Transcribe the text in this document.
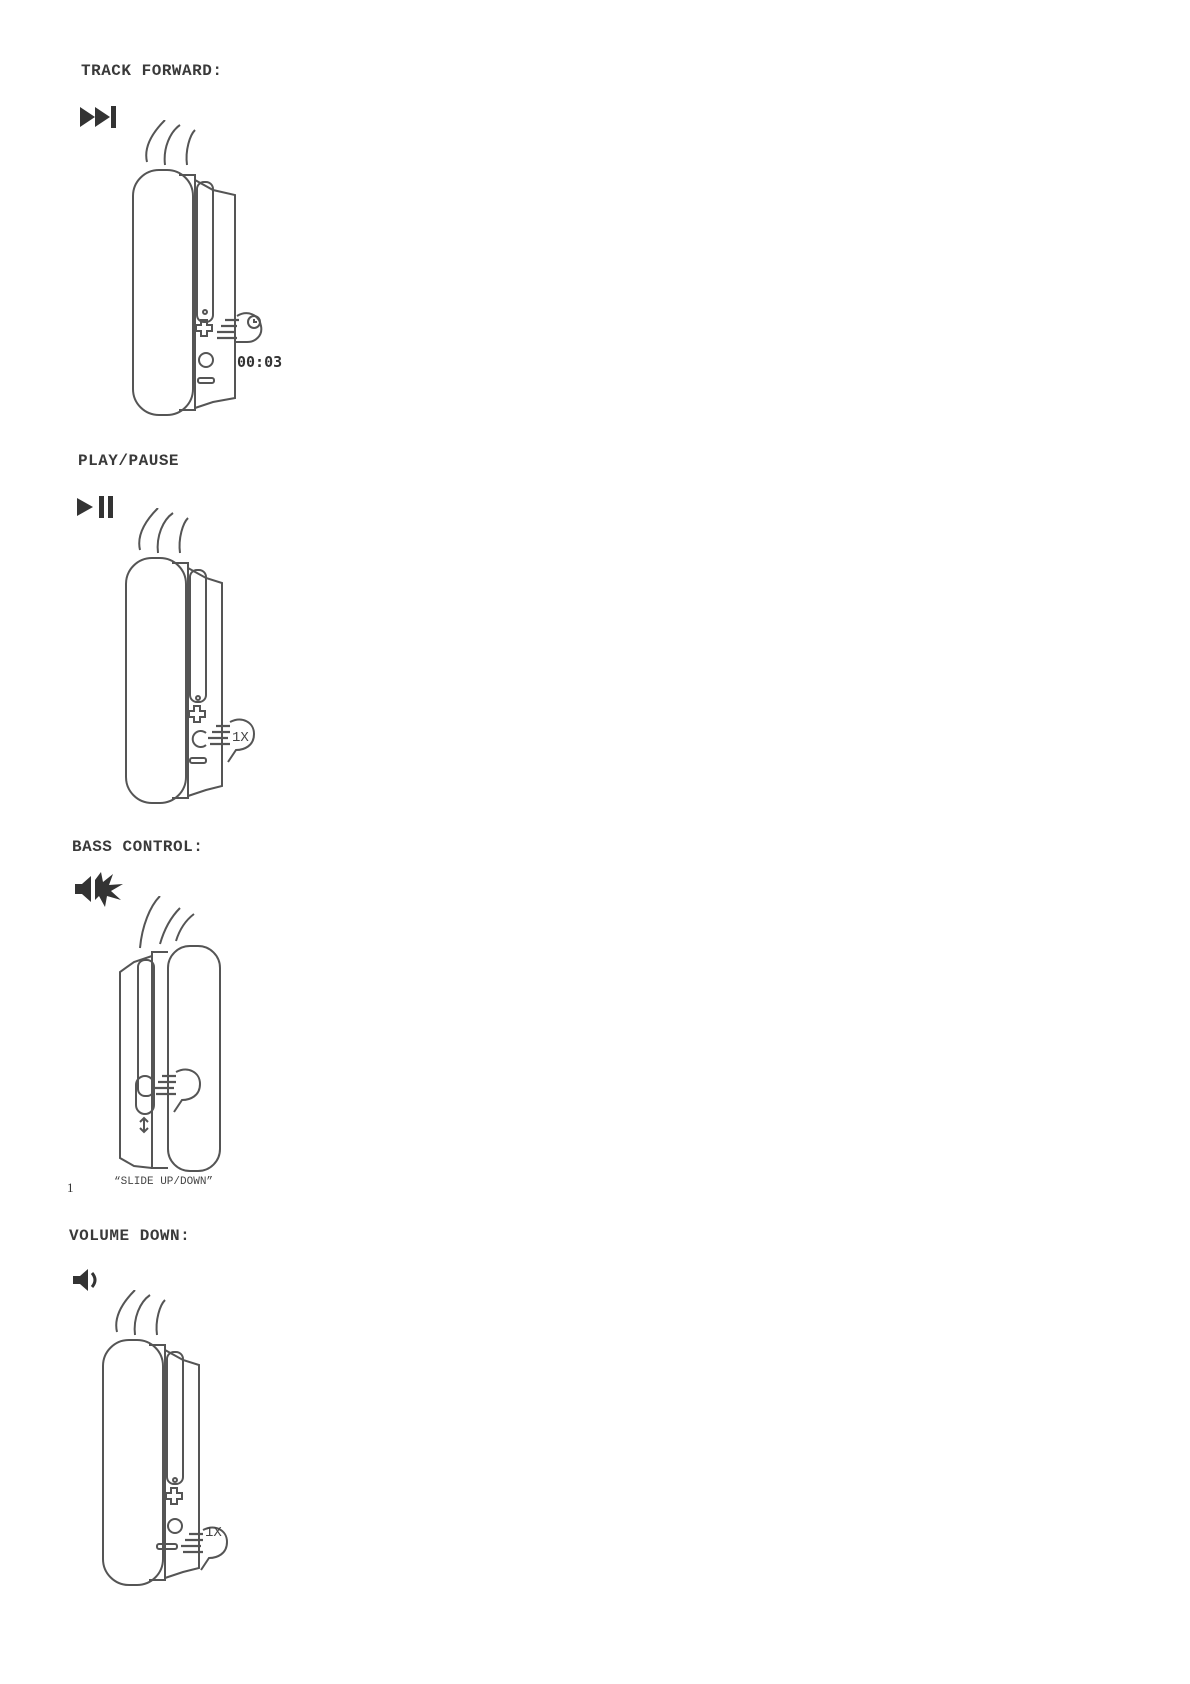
TRACK FORWARD:
00:03
PLAY/PAUSE
1X
BASS CONTROL:
1	“SLIDE UP/DOWN”
VOLUME DOWN:
1X
